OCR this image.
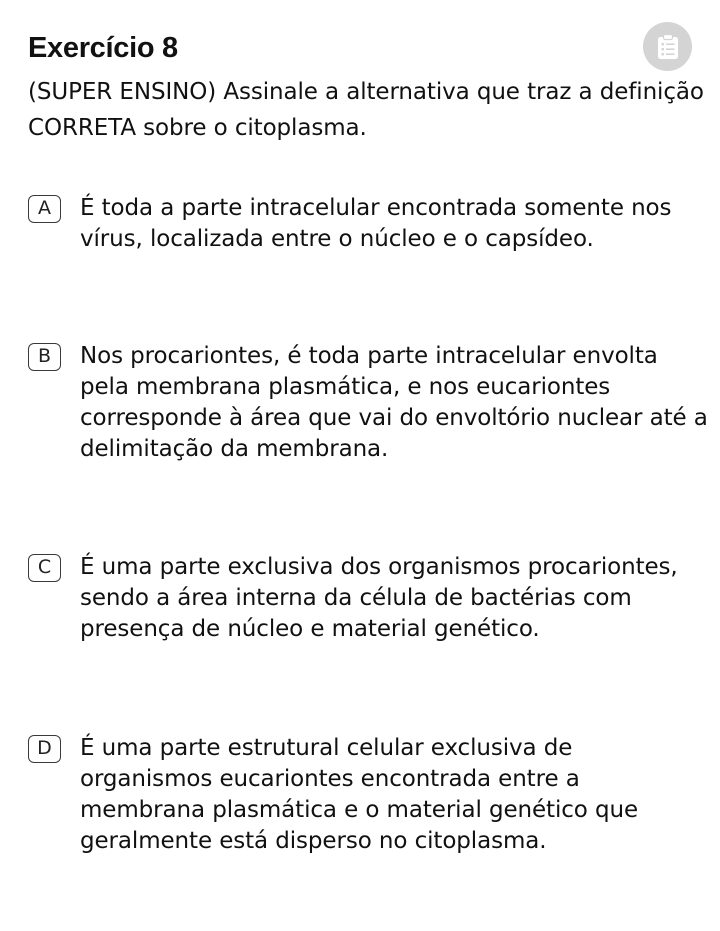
Exercício 8
(SUPER ENSINO) Assinale a alternativa que traz a definição CORRETA sobre o citoplasma.
A	É toda a parte intracelular encontrada somente nos vírus, localizada entre o núcleo e o capsídeo.
B	Nos procariontes, é toda parte intracelular envolta pela membrana plasmática, e nos eucariontes corresponde à área que vai do envoltório nuclear até a delimitação da membrana.
C	É uma parte exclusiva dos organismos procariontes, sendo a área interna da célula de bactérias com presença de núcleo e material genético.
D	É uma parte estrutural celular exclusiva de organismos eucariontes encontrada entre a membrana plasmática e o material genético que geralmente está disperso no citoplasma.
